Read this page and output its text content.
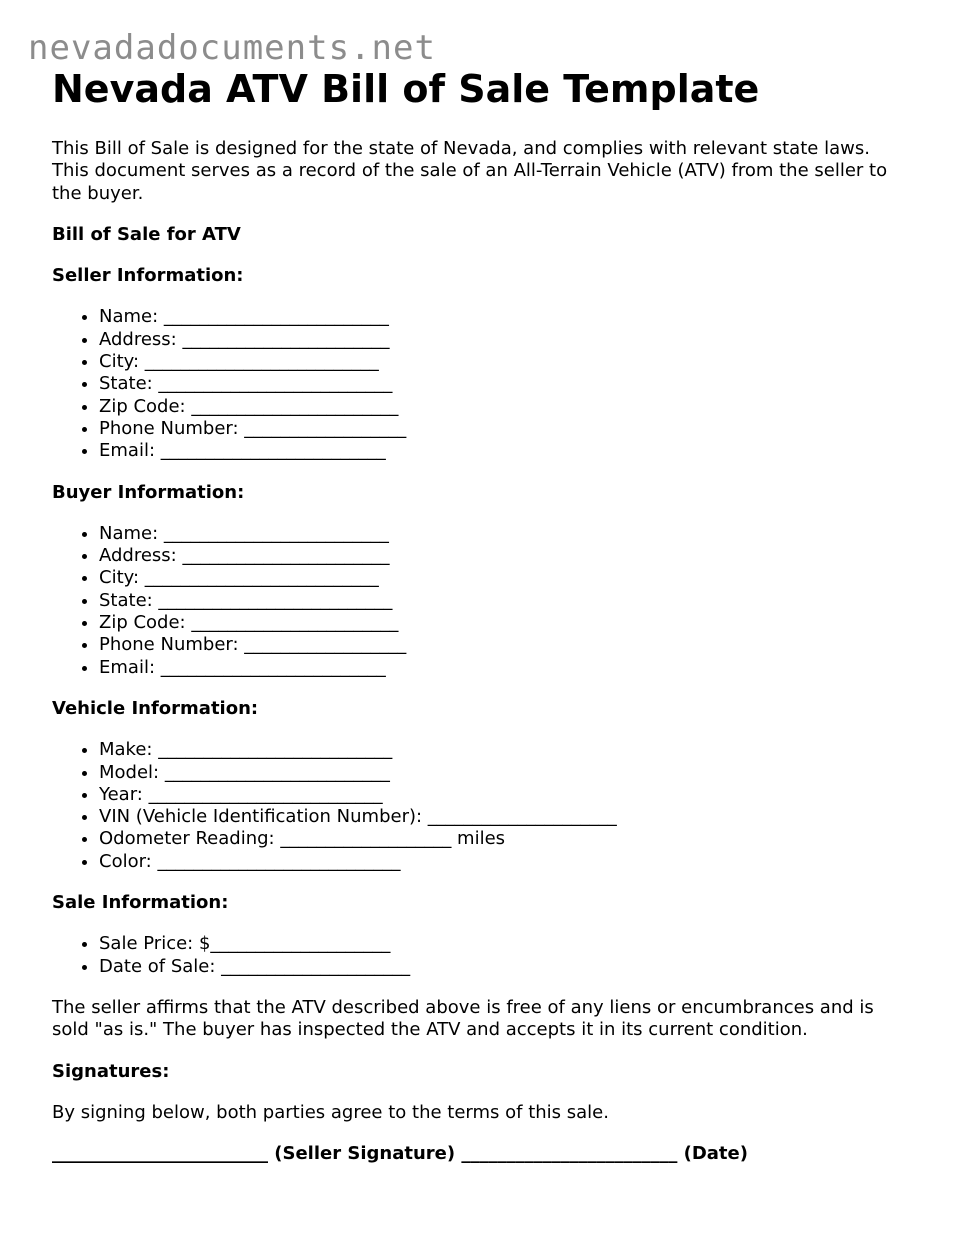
nevadadocuments.net
Nevada ATV Bill of Sale Template

This Bill of Sale is designed for the state of Nevada, and complies with relevant state laws. This document serves as a record of the sale of an All-Terrain Vehicle (ATV) from the seller to the buyer.

Bill of Sale for ATV

Seller Information:

• Name: _________________________
• Address: _______________________
• City: __________________________
• State: __________________________
• Zip Code: _______________________
• Phone Number: __________________
• Email: _________________________

Buyer Information:

• Name: _________________________
• Address: _______________________
• City: __________________________
• State: __________________________
• Zip Code: _______________________
• Phone Number: __________________
• Email: _________________________

Vehicle Information:

• Make: __________________________
• Model: _________________________
• Year: __________________________
• VIN (Vehicle Identification Number): _____________________
• Odometer Reading: ___________________ miles
• Color: ___________________________

Sale Information:

• Sale Price: $____________________
• Date of Sale: _____________________

The seller affirms that the ATV described above is free of any liens or encumbrances and is sold "as is." The buyer has inspected the ATV and accepts it in its current condition.

Signatures:

By signing below, both parties agree to the terms of this sale.

________________________ (Seller Signature) ________________________ (Date)
